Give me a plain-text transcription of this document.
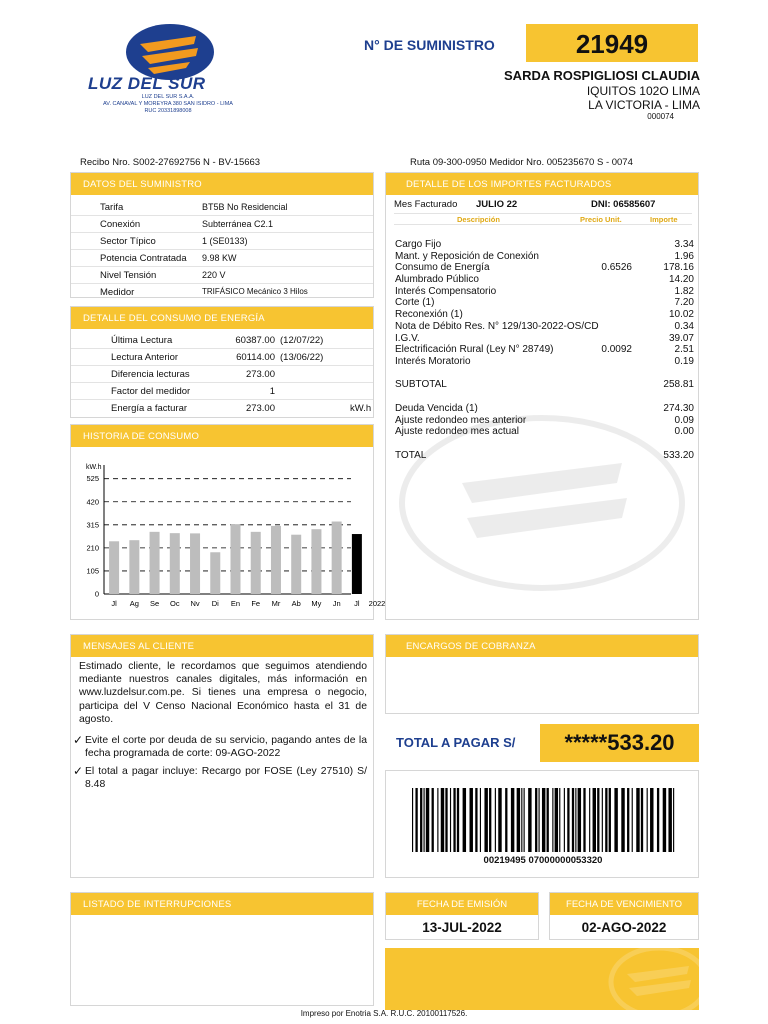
LUZ DEL SUR
LUZ DEL SUR S.A.A.
AV. CANAVAL Y MOREYRA 380 SAN ISIDRO - LIMA
RUC 20331898008
N° DE SUMINISTRO	21949
SARDA ROSPIGLIOSI CLAUDIA
IQUITOS 102O LIMA
LA VICTORIA - LIMA
000074
Recibo Nro. S002-27692756 N - BV-15663	Ruta 09-300-0950 Medidor Nro. 005235670 S - 0074
DATOS DEL SUMINISTRO
Tarifa	BT5B No Residencial
Conexión	Subterránea C2.1
Sector Típico	1 (SE0133)
Potencia Contratada 9.98 KW
Nivel Tensión	220 V
Medidor	TRIFÁSICO Mecánico 3 Hilos
DETALLE DEL CONSUMO DE ENERGÍA
Última Lectura	60387.00 (12/07/22)
Lectura Anterior	60114.00 (13/06/22)
Diferencia lecturas	273.00
Factor del medidor	1
Energía a facturar	273.00	kW.h
HISTORIA DE CONSUMO
kW.h
0
105
210
315
420
525
Jl Ag Se Oc Nv Di En Fe Mr Ab My Jn Jl 2022
DETALLE DE LOS IMPORTES FACTURADOS
Mes Facturado JULIO 22	DNI: 06585607
Descripción	Precio Unit.	Importe
Cargo Fijo	3.34
Mant. y Reposición de Conexión	1.96
Consumo de Energía	0.6526	178.16
Alumbrado Público	14.20
Interés Compensatorio	1.82
Corte (1)	7.20
Reconexión (1)	10.02
Nota de Débito Res. N° 129/130-2022-OS/CD	0.34
I.G.V.	39.07
Electrificación Rural (Ley N° 28749)	0.0092	2.51
Interés Moratorio	0.19
SUBTOTAL	258.81
Deuda Vencida (1)	274.30
Ajuste redondeo mes anterior	0.09
Ajuste redondeo mes actual	0.00
TOTAL	533.20
MENSAJES AL CLIENTE
Estimado cliente, le recordamos que seguimos atendiendo mediante nuestros canales digitales, más información en www.luzdelsur.com.pe. Si tienes una empresa o negocio, participa del V Censo Nacional Económico hasta el 31 de agosto.
✓ Evite el corte por deuda de su servicio, pagando antes de la fecha programada de corte: 09-AGO-2022
✓ El total a pagar incluye: Recargo por FOSE (Ley 27510) S/ 8.48
ENCARGOS DE COBRANZA
TOTAL A PAGAR S/	*****533.20
00219495 07000000053320
LISTADO DE INTERRUPCIONES	FECHA DE EMISIÓN
13-JUL-2022
FECHA DE VENCIMIENTO
02-AGO-2022
Impreso por Enotria S.A. R.U.C. 20100117526.
